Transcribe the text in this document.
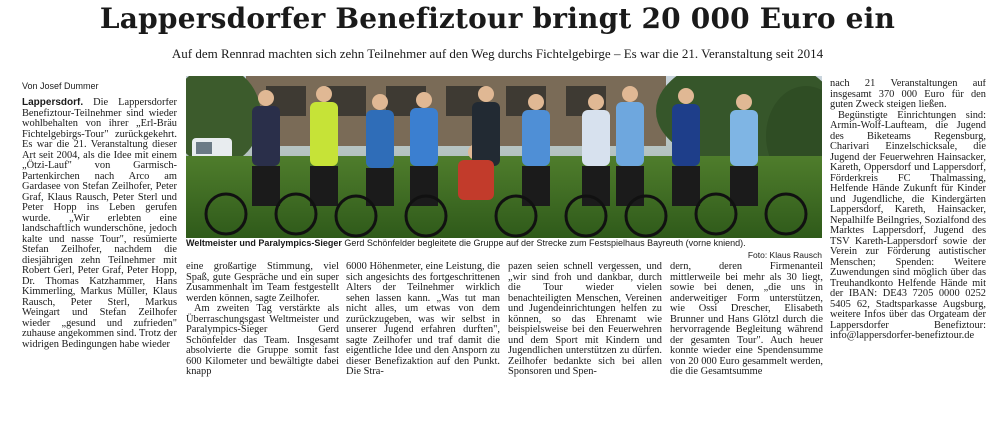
Lappersdorfer Benefiztour bringt 20 000 Euro ein
Auf dem Rennrad machten sich zehn Teilnehmer auf den Weg durchs Fichtelgebirge – Es war die 21. Veranstaltung seit 2014
Von Josef Dummer

Lappersdorf. Die Lappersdorfer Benefiztour-Teilnehmer sind wieder wohlbehalten von ihrer „Erl-Bräu Fichtelgebirgs-Tour" zurückgekehrt. Es war die 21. Veranstaltung dieser Art seit 2004, als die Idee mit einem „Ötzi-Lauf" von Garmisch-Partenkirchen nach Arco am Gardasee von Stefan Zeilhofer, Peter Graf, Klaus Rausch, Peter Sterl und Peter Hopp ins Leben gerufen wurde. „Wir erlebten eine landschaftlich wunderschöne, jedoch kalte und nasse Tour", resümierte Stefan Zeilhofer, nachdem die diesjährigen zehn Teilnehmer mit Robert Gerl, Peter Graf, Peter Hopp, Dr. Thomas Katzhammer, Hans Kimmerling, Markus Müller, Klaus Rausch, Peter Sterl, Markus Weingart und Stefan Zeilhofer wieder „gesund und zufrieden" zuhause angekommen sind. Trotz der widrigen Bedingungen habe wieder

Weltmeister und Paralympics-Sieger Gerd Schönfelder begleitete die Gruppe auf der Strecke zum Festspielhaus Bayreuth (vorne kniend).
Foto: Klaus Rausch

eine großartige Stimmung, viel Spaß, gute Gespräche und ein super Zusammenhalt im Team festgestellt werden können, sagte Zeilhofer.

Am zweiten Tag verstärkte als Überraschungsgast Weltmeister und Paralympics-Sieger Gerd Schönfelder das Team. Insgesamt absolvierte die Gruppe somit fast 600 Kilometer und bewältigte dabei knapp

6000 Höhenmeter, eine Leistung, die sich angesichts des fortgeschrittenen Alters der Teilnehmer wirklich sehen lassen kann. „Was tut man nicht alles, um etwas von dem zurückzugeben, was wir selbst in unserer Jugend erfahren durften", sagte Zeilhofer und traf damit die eigentliche Idee und den Ansporn zu dieser Benefizaktion auf den Punkt. Die Stra-

pazen seien schnell vergessen, und „wir sind froh und dankbar, durch die Tour wieder vielen benachteiligten Menschen, Vereinen und Jugendeinrichtungen helfen zu können, so das Ehrenamt wie beispielsweise bei den Feuerwehren und dem Sport mit Kindern und Jugendlichen unterstützen zu dürfen. Zeilhofer bedankte sich bei allen Sponsoren und Spen-

dern, deren Firmenanteil mittlerweile bei mehr als 30 liegt, sowie bei denen, „die uns in anderweitiger Form unterstützen, wie Ossi Drescher, Elisabeth Brunner und Hans Glötzl durch die hervorragende Begleitung während der gesamten Tour". Auch heuer konnte wieder eine Spendensumme von 20 000 Euro gesammelt werden, die die Gesamtsumme

nach 21 Veranstaltungen auf insgesamt 370 000 Euro für den guten Zweck steigen ließen.

Begünstigte Einrichtungen sind: Armin-Wolf-Laufteam, die Jugend des Biketeams Regensburg, Charivari Einzelschicksale, die Jugend der Feuerwehren Hainsacker, Kareth, Oppersdorf und Lappersdorf, Förderkreis FC Thalmassing, Helfende Hände Zukunft für Kinder und Jugendliche, die Kindergärten Lappersdorf, Kareth, Hainsacker, Nepalhilfe Beilngries, Sozialfond des Marktes Lappersdorf, Jugend des TSV Kareth-Lappersdorf sowie der Verein zur Förderung autistischer Menschen; Spenden: Weitere Zuwendungen sind möglich über das Treuhandkonto Helfende Hände mit der IBAN: DE43 7205 0000 0252 5405 62, Stadtsparkasse Augsburg, weitere Infos über das Orgateam der Lappersdorfer Benefiztour: info@lappersdorfer-benefiztour.de
